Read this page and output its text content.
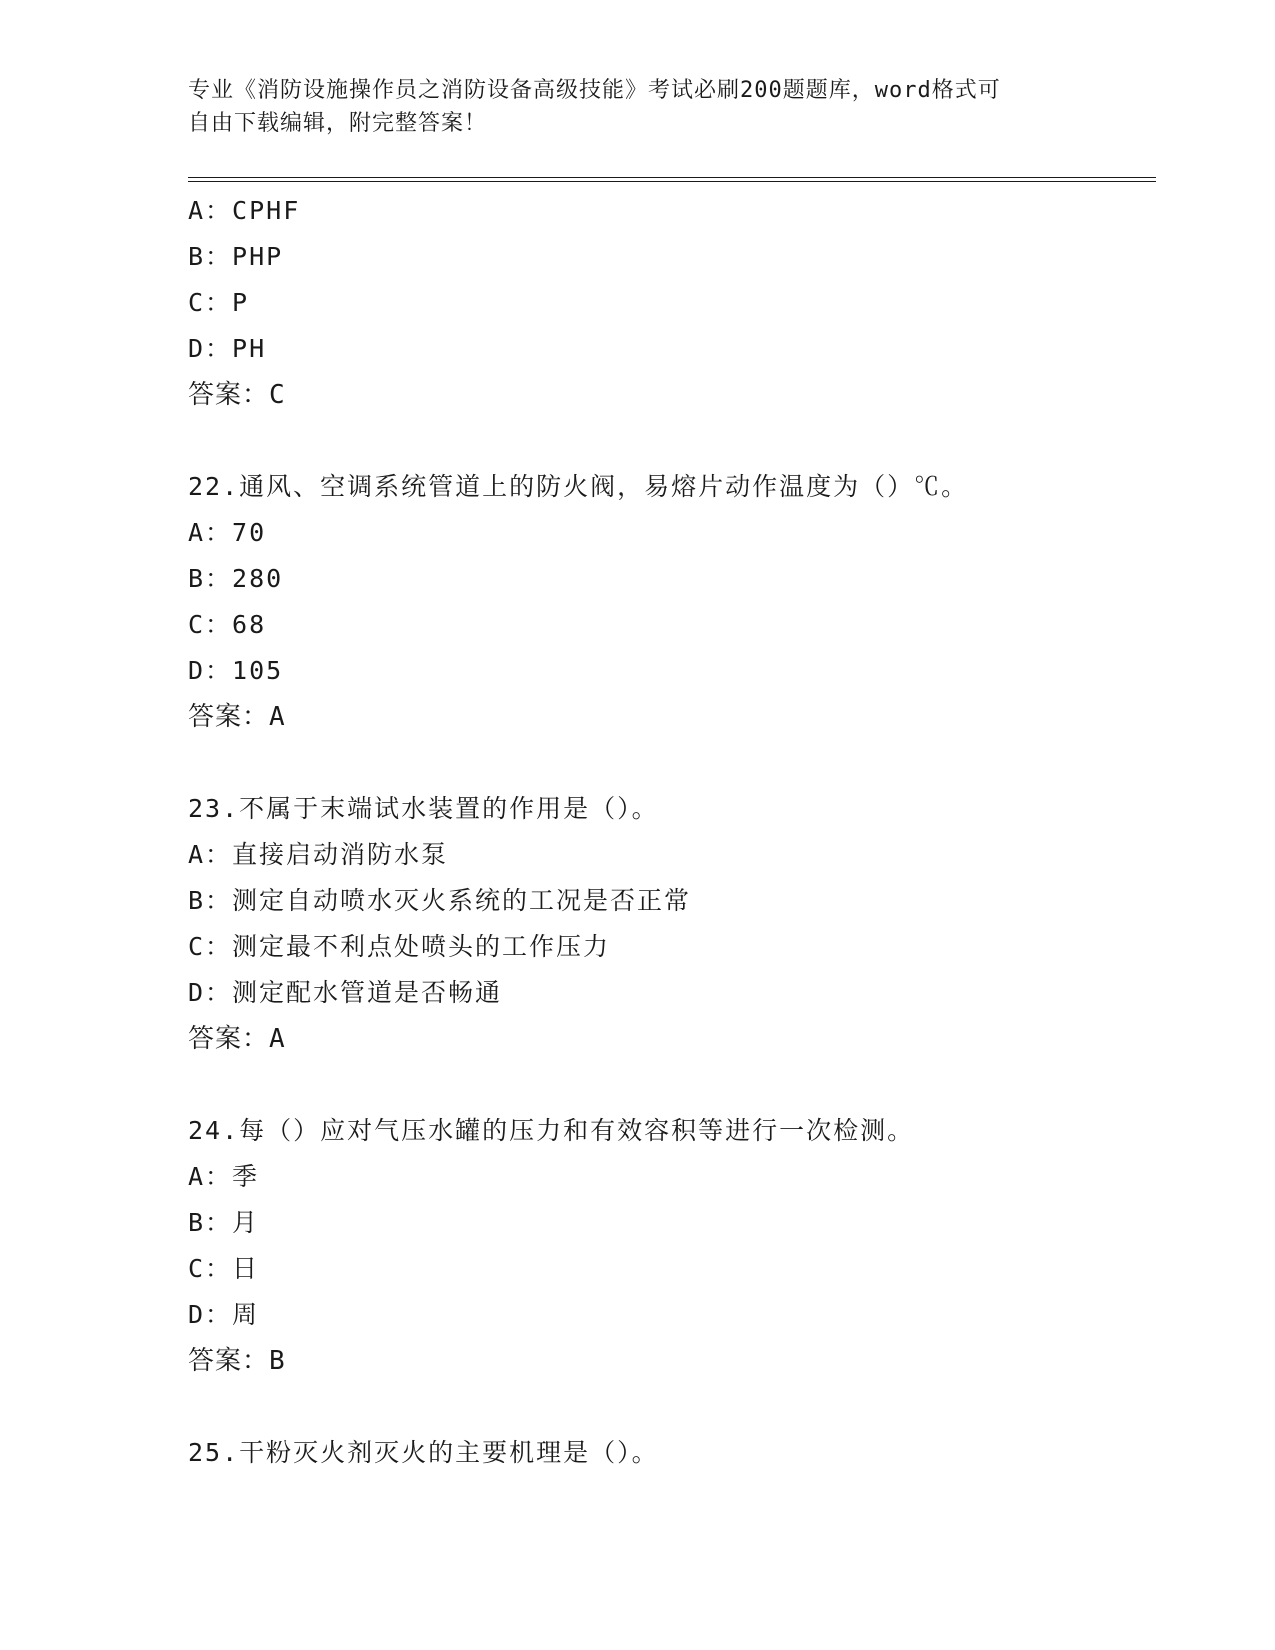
专业《消防设施操作员之消防设备高级技能》考试必刷200题题库，word格式可
自由下载编辑，附完整答案！
A：CPHF
B：PHP
C：P
D：PH
答案：C
22.通风、空调系统管道上的防火阀，易熔片动作温度为（）℃。
A：70
B：280
C：68
D：105
答案：A
23.不属于末端试水装置的作用是（）。
A：直接启动消防水泵
B：测定自动喷水灭火系统的工况是否正常
C：测定最不利点处喷头的工作压力
D：测定配水管道是否畅通
答案：A
24.每（）应对气压水罐的压力和有效容积等进行一次检测。
A：季
B：月
C：日
D：周
答案：B
25.干粉灭火剂灭火的主要机理是（）。
